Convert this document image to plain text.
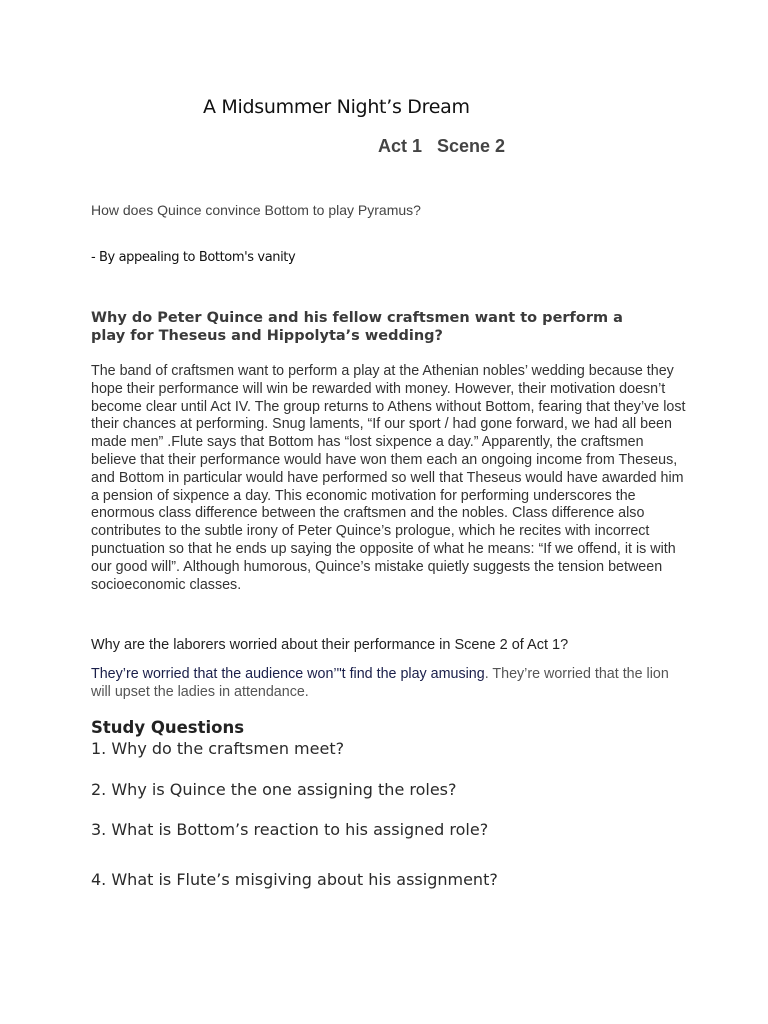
A Midsummer Night’s Dream
Act 1   Scene 2

How does Quince convince Bottom to play Pyramus?

- By appealing to Bottom's vanity

Why do Peter Quince and his fellow craftsmen want to perform a play for Theseus and Hippolyta’s wedding?

The band of craftsmen want to perform a play at the Athenian nobles’ wedding because they hope their performance will win be rewarded with money. However, their motivation doesn’t become clear until Act IV. The group returns to Athens without Bottom, fearing that they’ve lost their chances at performing. Snug laments, “If our sport / had gone forward, we had all been made men” .Flute says that Bottom has “lost sixpence a day.” Apparently, the craftsmen believe that their performance would have won them each an ongoing income from Theseus, and Bottom in particular would have performed so well that Theseus would have awarded him a pension of sixpence a day. This economic motivation for performing underscores the enormous class difference between the craftsmen and the nobles. Class difference also contributes to the subtle irony of Peter Quince’s prologue, which he recites with incorrect punctuation so that he ends up saying the opposite of what he means: “If we offend, it is with our good will”. Although humorous, Quince’s mistake quietly suggests the tension between socioeconomic classes.

Why are the laborers worried about their performance in Scene 2 of Act 1?

They’re worried that the audience won’"t find the play amusing. They’re worried that the lion will upset the ladies in attendance.

Study Questions

1. Why do the craftsmen meet?

2. Why is Quince the one assigning the roles?

3. What is Bottom’s reaction to his assigned role?

4. What is Flute’s misgiving about his assignment?
